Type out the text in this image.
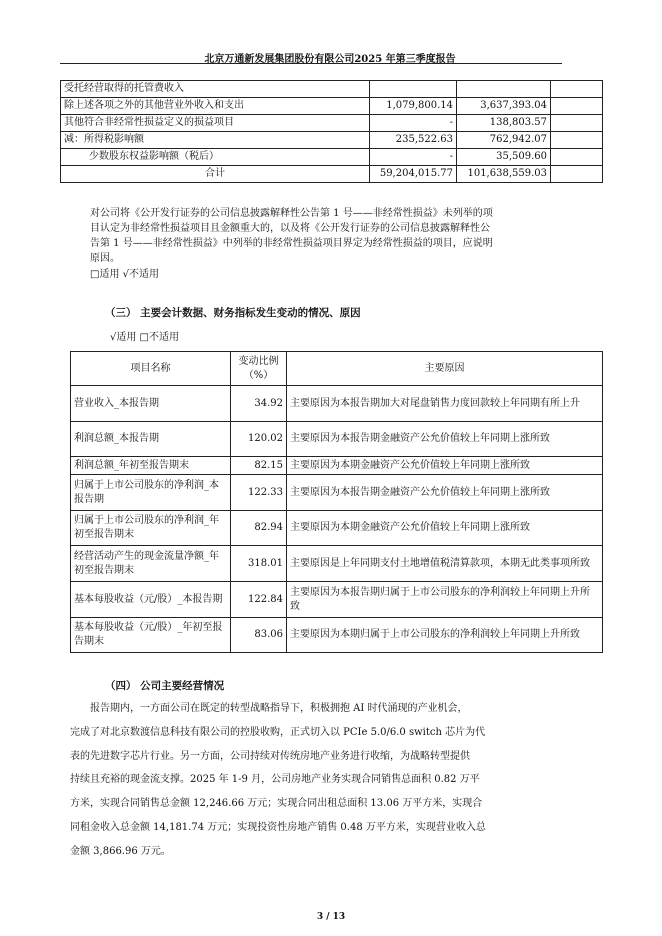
北京万通新发展集团股份有限公司2025 年第三季度报告
受托经营取得的托管费收入			
除上述各项之外的其他营业外收入和支出	1,079,800.14	3,637,393.04	
其他符合非经常性损益定义的损益项目	-	138,803.57	
减：所得税影响额	235,522.63	762,942.07	
少数股东权益影响额（税后）	-	35,509.60	
合计	59,204,015.77	101,638,559.03	
对公司将《公开发行证券的公司信息披露解释性公告第 1 号——非经常性损益》未列举的项
目认定为非经常性损益项目且金额重大的，以及将《公开发行证券的公司信息披露解释性公
告第 1 号——非经常性损益》中列举的非经常性损益项目界定为经常性损益的项目，应说明
原因。
□适用 √不适用
（三） 主要会计数据、财务指标发生变动的情况、原因
√适用 □不适用
项目名称	变动比例（%）	主要原因
营业收入_本报告期	34.92	主要原因为本报告期加大对尾盘销售力度回款较上年同期有所上升
利润总额_本报告期	120.02	主要原因为本报告期金融资产公允价值较上年同期上涨所致
利润总额_年初至报告期末	82.15	主要原因为本期金融资产公允价值较上年同期上涨所致
归属于上市公司股东的净利润_本报告期	122.33	主要原因为本报告期金融资产公允价值较上年同期上涨所致
归属于上市公司股东的净利润_年初至报告期末	82.94	主要原因为本期金融资产公允价值较上年同期上涨所致
经营活动产生的现金流量净额_年初至报告期末	318.01	主要原因是上年同期支付土地增值税清算款项，本期无此类事项所致
基本每股收益（元/股）_本报告期	122.84	主要原因为本报告期归属于上市公司股东的净利润较上年同期上升所致
基本每股收益（元/股）_年初至报告期末	83.06	主要原因为本期归属于上市公司股东的净利润较上年同期上升所致
（四） 公司主要经营情况
　　报告期内，一方面公司在既定的转型战略指导下，积极拥抱 AI 时代涌现的产业机会，
完成了对北京数渡信息科技有限公司的控股收购，正式切入以 PCIe 5.0/6.0 switch 芯片为代
表的先进数字芯片行业。另一方面，公司持续对传统房地产业务进行收缩，为战略转型提供
持续且充裕的现金流支撑。2025 年 1-9 月，公司房地产业务实现合同销售总面积 0.82 万平
方米，实现合同销售总金额 12,246.66 万元；实现合同出租总面积 13.06 万平方米，实现合
同租金收入总金额 14,181.74 万元；实现投资性房地产销售 0.48 万平方米，实现营业收入总
金额 3,866.96 万元。
3 / 13
